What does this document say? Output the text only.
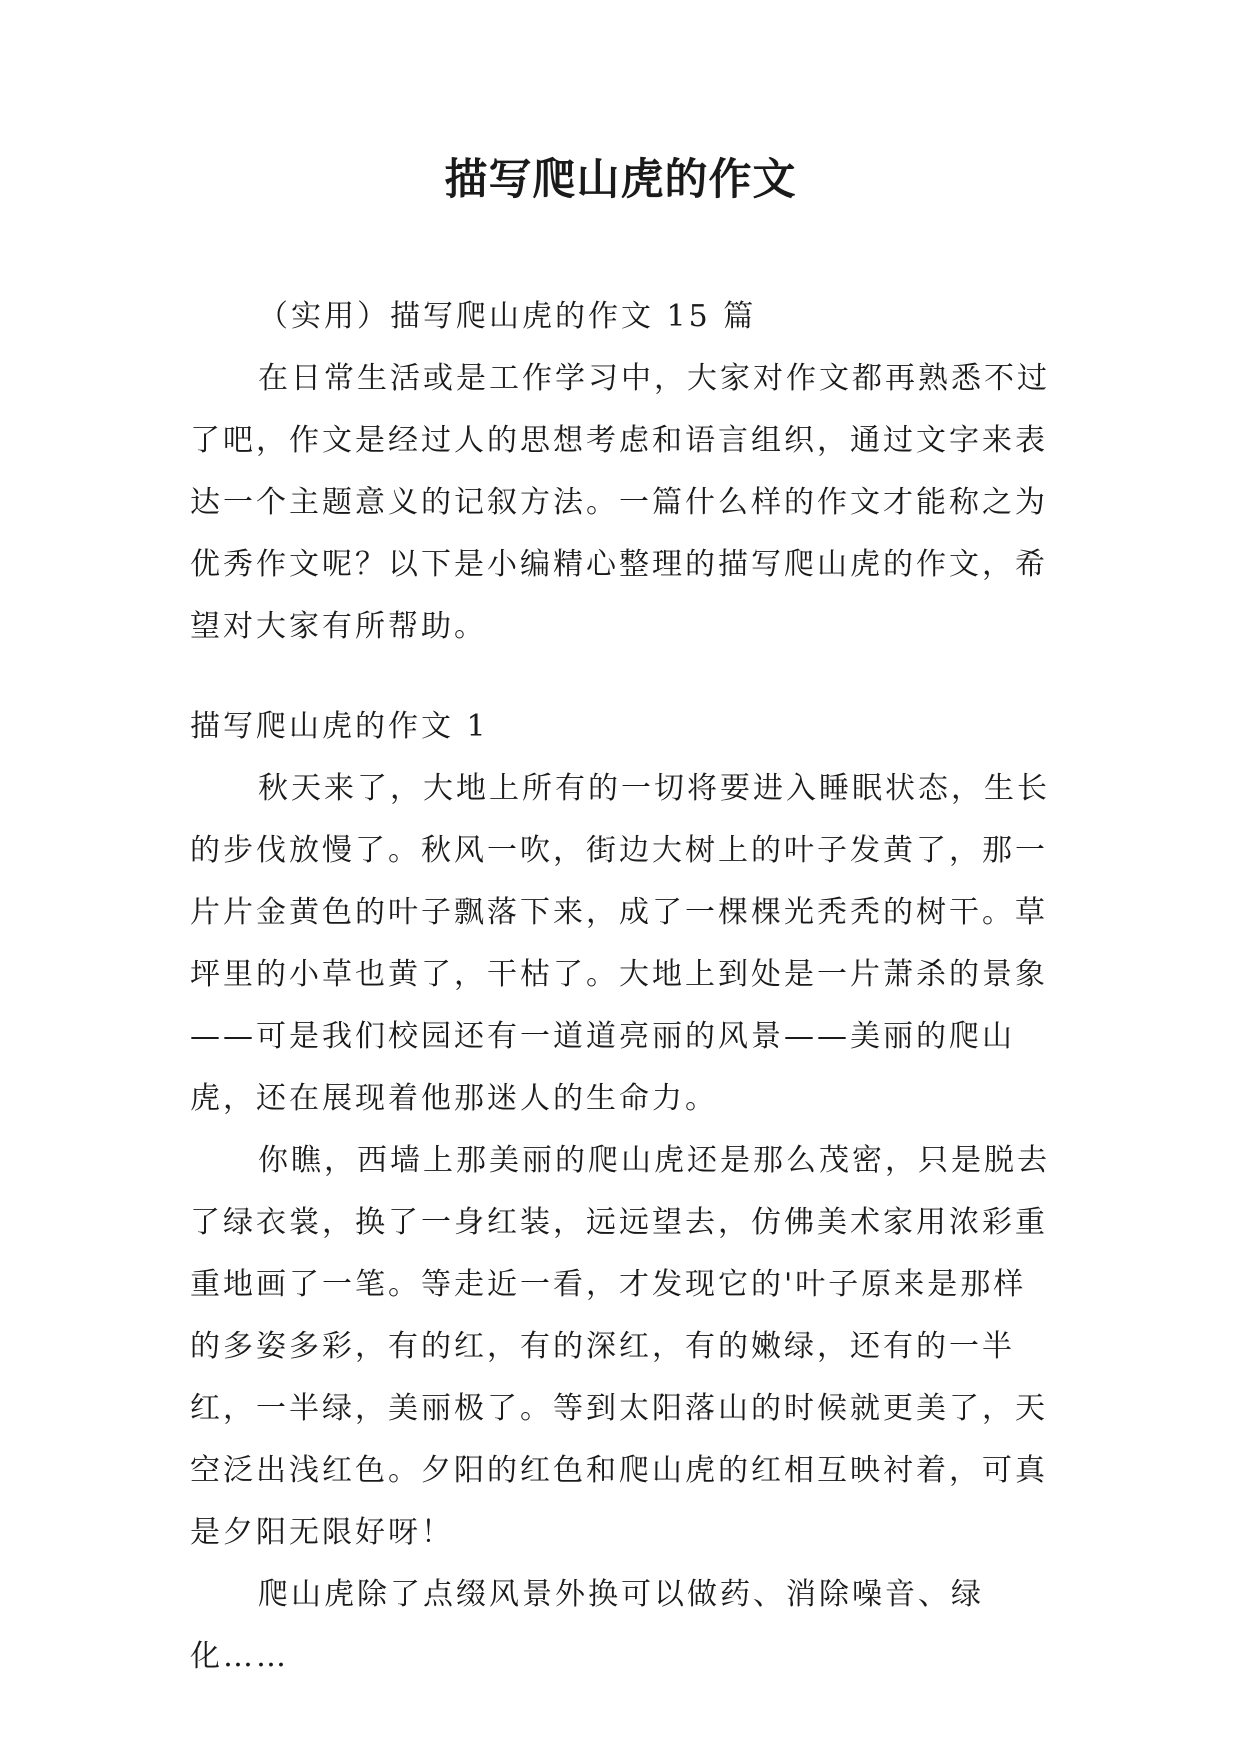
描写爬山虎的作文

（实用）描写爬山虎的作文 15 篇

在日常生活或是工作学习中，大家对作文都再熟悉不过了吧，作文是经过人的思想考虑和语言组织，通过文字来表达一个主题意义的记叙方法。一篇什么样的作文才能称之为优秀作文呢？以下是小编精心整理的描写爬山虎的作文，希望对大家有所帮助。

描写爬山虎的作文 1

秋天来了，大地上所有的一切将要进入睡眠状态，生长的步伐放慢了。秋风一吹，街边大树上的叶子发黄了，那一片片金黄色的叶子飘落下来，成了一棵棵光秃秃的树干。草坪里的小草也黄了，干枯了。大地上到处是一片萧杀的景象——可是我们校园还有一道道亮丽的风景——美丽的爬山虎，还在展现着他那迷人的生命力。

你瞧，西墙上那美丽的爬山虎还是那么茂密，只是脱去了绿衣裳，换了一身红装，远远望去，仿佛美术家用浓彩重重地画了一笔。等走近一看，才发现它的'叶子原来是那样的多姿多彩，有的红，有的深红，有的嫩绿，还有的一半红，一半绿，美丽极了。等到太阳落山的时候就更美了，天空泛出浅红色。夕阳的红色和爬山虎的红相互映衬着，可真是夕阳无限好呀！

爬山虎除了点缀风景外换可以做药、消除噪音、绿化……
